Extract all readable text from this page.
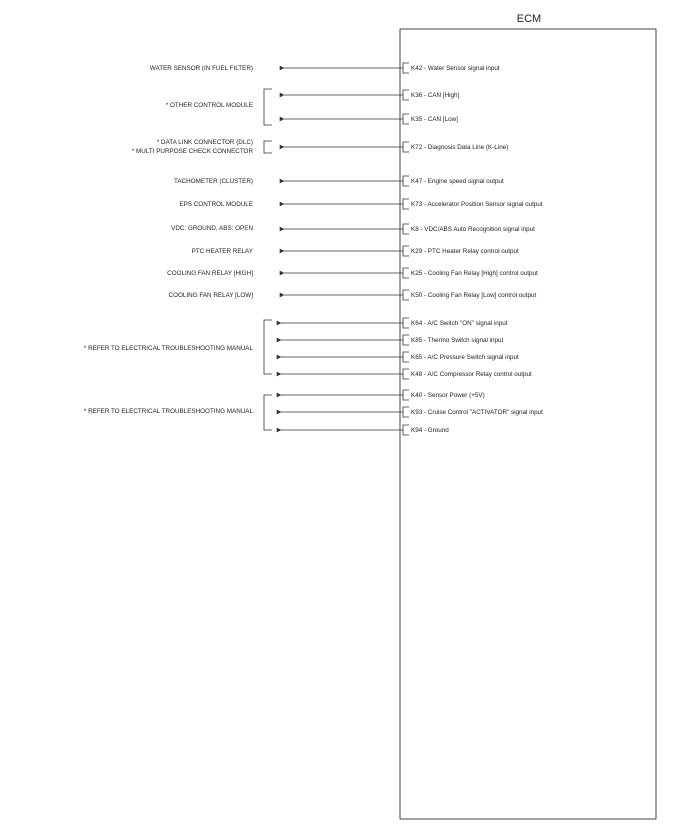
ECM
K42 - Water Sensor signal input
K36 - CAN [High]
K35 - CAN [Low]
K72 - Diagnosis Data Line (K-Line)
K47 - Engine speed signal output
K73 - Accelerator Position Sensor signal output
K8 - VDC/ABS Auto Recognition signal input
K29 - PTC Heater Relay control output
K25 - Cooling Fan Relay [High] control output
K50 - Cooling Fan Relay [Low] control output
K64 - A/C Switch "ON" signal input
K85 - Thermo Switch signal input
K65 - A/C Pressure Switch signal input
K48 - A/C Compressor Relay control output
K40 - Sensor Power (+5V)
K93 - Cruise Control "ACTIVATOR" signal input
K94 - Ground
WATER SENSOR (IN FUEL FILTER)
* OTHER CONTROL MODULE
* DATA LINK CONNECTOR (DLC)
* MULTI PURPOSE CHECK CONNECTOR
TACHOMETER (CLUSTER)
EPS CONTROL MODULE
VDC: GROUND, ABS: OPEN
PTC HEATER RELAY
COOLING FAN RELAY [HIGH]
COOLING FAN RELAY [LOW]
* REFER TO ELECTRICAL TROUBLESHOOTING MANUAL
* REFER TO ELECTRICAL TROUBLESHOOTING MANUAL
